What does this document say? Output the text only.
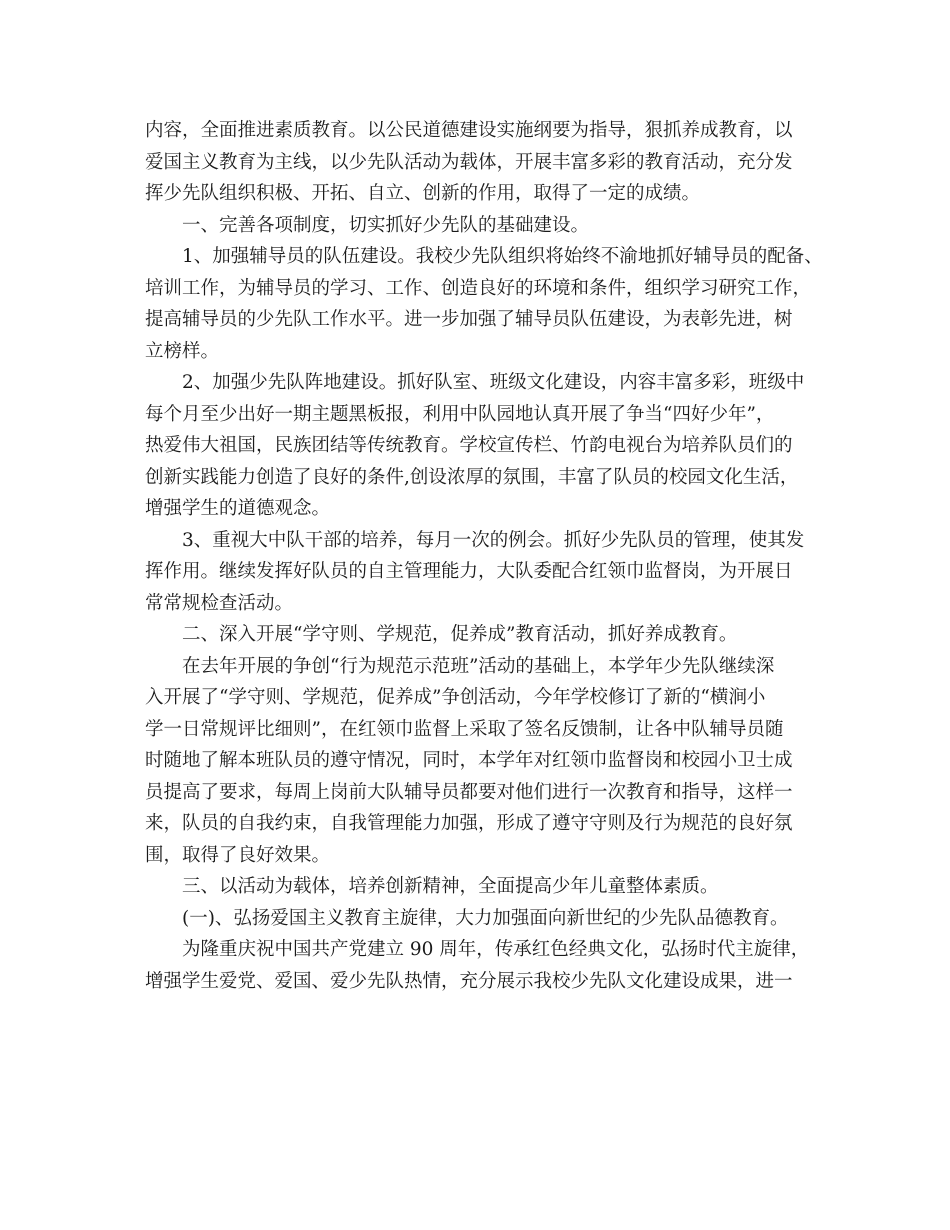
内容，全面推进素质教育。以公民道德建设实施纲要为指导，狠抓养成教育，以
爱国主义教育为主线，以少先队活动为载体，开展丰富多彩的教育活动，充分发
挥少先队组织积极、开拓、自立、创新的作用，取得了一定的成绩。
一、完善各项制度，切实抓好少先队的基础建设。
1、加强辅导员的队伍建设。我校少先队组织将始终不渝地抓好辅导员的配备、
培训工作，为辅导员的学习、工作、创造良好的环境和条件，组织学习研究工作，
提高辅导员的少先队工作水平。进一步加强了辅导员队伍建设，为表彰先进，树
立榜样。
2、加强少先队阵地建设。抓好队室、班级文化建设，内容丰富多彩，班级中
每个月至少出好一期主题黑板报，利用中队园地认真开展了争当“四好少年”，
热爱伟大祖国，民族团结等传统教育。学校宣传栏、竹韵电视台为培养队员们的
创新实践能力创造了良好的条件,创设浓厚的氛围，丰富了队员的校园文化生活，
增强学生的道德观念。
3、重视大中队干部的培养，每月一次的例会。抓好少先队员的管理，使其发
挥作用。继续发挥好队员的自主管理能力，大队委配合红领巾监督岗，为开展日
常常规检查活动。
二、深入开展“学守则、学规范，促养成”教育活动，抓好养成教育。
在去年开展的争创“行为规范示范班”活动的基础上，本学年少先队继续深
入开展了“学守则、学规范，促养成”争创活动，今年学校修订了新的“横涧小
学一日常规评比细则”，在红领巾监督上采取了签名反馈制，让各中队辅导员随
时随地了解本班队员的遵守情况，同时，本学年对红领巾监督岗和校园小卫士成
员提高了要求，每周上岗前大队辅导员都要对他们进行一次教育和指导，这样一
来，队员的自我约束，自我管理能力加强，形成了遵守守则及行为规范的良好氛
围，取得了良好效果。
三、以活动为载体，培养创新精神，全面提高少年儿童整体素质。
(一)、弘扬爱国主义教育主旋律，大力加强面向新世纪的少先队品德教育。
为隆重庆祝中国共产党建立 90 周年，传承红色经典文化，弘扬时代主旋律，
增强学生爱党、爱国、爱少先队热情，充分展示我校少先队文化建设成果，进一
